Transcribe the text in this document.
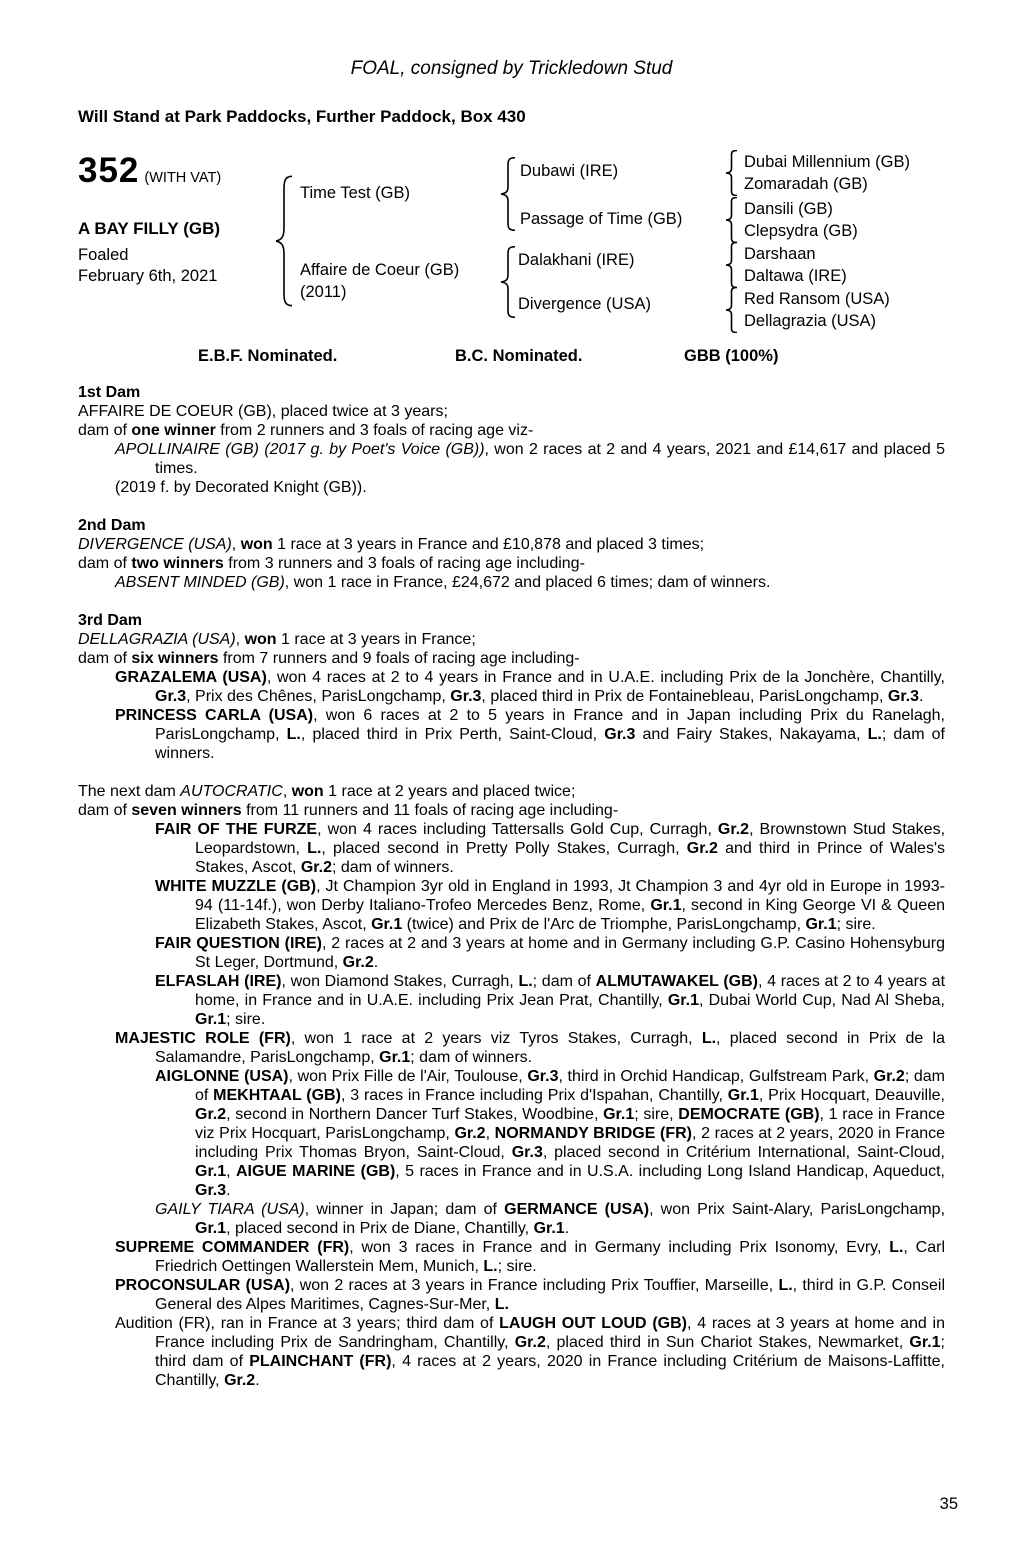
FOAL, consigned by Trickledown Stud
Will Stand at Park Paddocks, Further Paddock, Box 430
352 (WITH VAT)
A BAY FILLY (GB)
Foaled
February 6th, 2021
Time Test (GB)
Affaire de Coeur (GB)
(2011)
Dubawi (IRE)
Passage of Time (GB)
Dalakhani (IRE)
Divergence (USA)
Dubai Millennium (GB)
Zomaradah (GB)
Dansili (GB)
Clepsydra (GB)
Darshaan
Daltawa (IRE)
Red Ransom (USA)
Dellagrazia (USA)
E.B.F. Nominated.	B.C. Nominated.	GBB (100%)
1st Dam

AFFAIRE DE COEUR (GB), placed twice at 3 years;

dam of one winner from 2 runners and 3 foals of racing age viz-

APOLLINAIRE (GB) (2017 g. by Poet's Voice (GB)), won 2 races at 2 and 4 years, 2021 and £14,617 and placed 5 times.

(2019 f. by Decorated Knight (GB)).

2nd Dam

DIVERGENCE (USA), won 1 race at 3 years in France and £10,878 and placed 3 times;

dam of two winners from 3 runners and 3 foals of racing age including-

ABSENT MINDED (GB), won 1 race in France, £24,672 and placed 6 times; dam of winners.

3rd Dam

DELLAGRAZIA (USA), won 1 race at 3 years in France;

dam of six winners from 7 runners and 9 foals of racing age including-

GRAZALEMA (USA), won 4 races at 2 to 4 years in France and in U.A.E. including Prix de la Jonchère, Chantilly, Gr.3, Prix des Chênes, ParisLongchamp, Gr.3, placed third in Prix de Fontainebleau, ParisLongchamp, Gr.3.

PRINCESS CARLA (USA), won 6 races at 2 to 5 years in France and in Japan including Prix du Ranelagh, ParisLongchamp, L., placed third in Prix Perth, Saint-Cloud, Gr.3 and Fairy Stakes, Nakayama, L.; dam of winners.

The next dam AUTOCRATIC, won 1 race at 2 years and placed twice;

dam of seven winners from 11 runners and 11 foals of racing age including-

FAIR OF THE FURZE, won 4 races including Tattersalls Gold Cup, Curragh, Gr.2, Brownstown Stud Stakes, Leopardstown, L., placed second in Pretty Polly Stakes, Curragh, Gr.2 and third in Prince of Wales's Stakes, Ascot, Gr.2; dam of winners.

WHITE MUZZLE (GB), Jt Champion 3yr old in England in 1993, Jt Champion 3 and 4yr old in Europe in 1993-94 (11-14f.), won Derby Italiano-Trofeo Mercedes Benz, Rome, Gr.1, second in King George VI & Queen Elizabeth Stakes, Ascot, Gr.1 (twice) and Prix de l'Arc de Triomphe, ParisLongchamp, Gr.1; sire.

FAIR QUESTION (IRE), 2 races at 2 and 3 years at home and in Germany including G.P. Casino Hohensyburg St Leger, Dortmund, Gr.2.

ELFASLAH (IRE), won Diamond Stakes, Curragh, L.; dam of ALMUTAWAKEL (GB), 4 races at 2 to 4 years at home, in France and in U.A.E. including Prix Jean Prat, Chantilly, Gr.1, Dubai World Cup, Nad Al Sheba, Gr.1; sire.

MAJESTIC ROLE (FR), won 1 race at 2 years viz Tyros Stakes, Curragh, L., placed second in Prix de la Salamandre, ParisLongchamp, Gr.1; dam of winners.

AIGLONNE (USA), won Prix Fille de l'Air, Toulouse, Gr.3, third in Orchid Handicap, Gulfstream Park, Gr.2; dam of MEKHTAAL (GB), 3 races in France including Prix d'Ispahan, Chantilly, Gr.1, Prix Hocquart, Deauville, Gr.2, second in Northern Dancer Turf Stakes, Woodbine, Gr.1; sire, DEMOCRATE (GB), 1 race in France viz Prix Hocquart, ParisLongchamp, Gr.2, NORMANDY BRIDGE (FR), 2 races at 2 years, 2020 in France including Prix Thomas Bryon, Saint-Cloud, Gr.3, placed second in Critérium International, Saint-Cloud, Gr.1, AIGUE MARINE (GB), 5 races in France and in U.S.A. including Long Island Handicap, Aqueduct, Gr.3.

GAILY TIARA (USA), winner in Japan; dam of GERMANCE (USA), won Prix Saint-Alary, ParisLongchamp, Gr.1, placed second in Prix de Diane, Chantilly, Gr.1.

SUPREME COMMANDER (FR), won 3 races in France and in Germany including Prix Isonomy, Evry, L., Carl Friedrich Oettingen Wallerstein Mem, Munich, L.; sire.

PROCONSULAR (USA), won 2 races at 3 years in France including Prix Touffier, Marseille, L., third in G.P. Conseil General des Alpes Maritimes, Cagnes-Sur-Mer, L.

Audition (FR), ran in France at 3 years; third dam of LAUGH OUT LOUD (GB), 4 races at 3 years at home and in France including Prix de Sandringham, Chantilly, Gr.2, placed third in Sun Chariot Stakes, Newmarket, Gr.1; third dam of PLAINCHANT (FR), 4 races at 2 years, 2020 in France including Critérium de Maisons-Laffitte, Chantilly, Gr.2.

35
